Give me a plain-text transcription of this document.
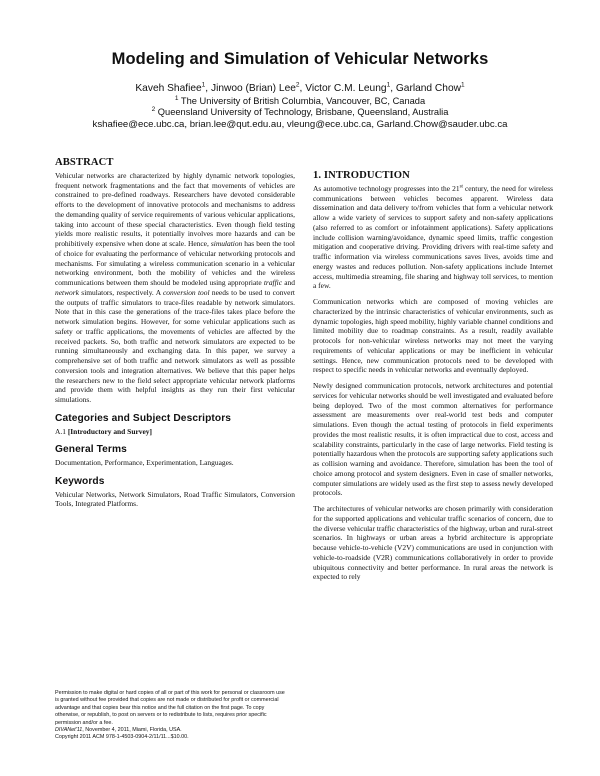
Modeling and Simulation of Vehicular Networks
Kaveh Shafiee$^1$, Jinwoo (Brian) Lee$^2$, Victor C.M. Leung$^1$, Garland Chow$^1$
$^1$ The University of British Columbia, Vancouver, BC, Canada
$^2$ Queensland University of Technology, Brisbane, Queensland, Australia
kshafiee@ece.ubc.ca, brian.lee@qut.edu.au, vleung@ece.ubc.ca, Garland.Chow@sauder.ubc.ca
ABSTRACT

Vehicular networks are characterized by highly dynamic network topologies, frequent network fragmentations and the fact that movements of vehicles are constrained to pre-defined roadways. Researchers have devoted considerable efforts to the development of innovative protocols and mechanisms to address the demanding quality of service requirements of various vehicular applications, taking into account of these special characteristics. Even though field testing yields more realistic results, it potentially involves more hazards and can be prohibitively expensive when done at scale. Hence, simulation has been the tool of choice for evaluating the performance of vehicular networking protocols and mechanisms. For simulating a wireless communication scenario in a vehicular networking environment, both the mobility of vehicles and the wireless communications between them should be modeled using appropriate traffic and network simulators, respectively. A conversion tool needs to be used to convert the outputs of traffic simulators to trace-files readable by network simulators. Note that in this case the generations of the trace-files takes place before the network simulation begins. However, for some vehicular applications such as safety or traffic applications, the movements of vehicles are affected by the received packets. So, both traffic and network simulators are expected to be running simultaneously and exchanging data. In this paper, we survey a comprehensive set of both traffic and network simulators as well as possible conversion tools and integration alternatives. We believe that this paper helps the researchers new to the field select appropriate vehicular network platforms and provide them with helpful insights as they run their first vehicular simulations.

Categories and Subject Descriptors

A.1 [Introductory and Survey]

General Terms

Documentation, Performance, Experimentation, Languages.

Keywords

Vehicular Networks, Network Simulators, Road Traffic Simulators, Conversion Tools, Integrated Platforms.

Permission to make digital or hard copies of all or part of this work for personal or classroom use is granted without fee provided that copies are not made or distributed for profit or commercial advantage and that copies bear this notice and the full citation on the first page. To copy otherwise, or republish, to post on servers or to redistribute to lists, requires prior specific permission and/or a fee.

DIVANet'11, November 4, 2011, Miami, Florida, USA.

Copyright 2011 ACM 978-1-4503-0904-2/11/11...$10.00.

1. INTRODUCTION

As automotive technology progresses into the 21st century, the need for wireless communications between vehicles becomes apparent. Wireless data dissemination and data delivery to/from vehicles that form a vehicular network allow a wide variety of services to support safety and non-safety applications (also referred to as comfort or infotainment applications). Safety applications include collision warning/avoidance, dynamic speed limits, traffic congestion mitigation and cooperative driving. Providing drivers with real-time safety and traffic information via wireless communications saves lives, avoids time and energy wastes and reduces pollution. Non-safety applications include Internet access, multimedia streaming, file sharing and highway toll services, to mention a few.

Communication networks which are composed of moving vehicles are characterized by the intrinsic characteristics of vehicular environments, such as dynamic topologies, high speed mobility, highly variable channel conditions and limited mobility due to roadmap constraints. As a result, readily available protocols for non-vehicular wireless networks may not meet the varying requirements of vehicular applications or may be inefficient in vehicular settings. Hence, new communication protocols need to be developed with respect to specific needs in vehicular networks and eventually deployed.

Newly designed communication protocols, network architectures and potential services for vehicular networks should be well investigated and evaluated before being deployed. Two of the most common alternatives for performance assessment are measurements over real-world test beds and computer simulations. Even though the actual testing of protocols in field experiments provides the most realistic results, it is often impractical due to cost, access and scalability constraints, particularly in the case of large networks. Field testing is potentially hazardous when the protocols are supporting safety applications such as collision warning and avoidance. Therefore, simulation has been the tool of choice among protocol and system designers. Even in case of smaller networks, computer simulations are widely used as the first step to assess newly developed protocols.

The architectures of vehicular networks are chosen primarily with consideration for the supported applications and vehicular traffic scenarios of concern, due to the diverse vehicular traffic characteristics of the highway, urban and rural-street scenarios. In highways or urban areas a hybrid architecture is appropriate because vehicle-to-vehicle (V2V) communications are used in conjunction with vehicle-to-roadside (V2R) communications collaboratively in order to provide ubiquitous connectivity and better performance. In rural areas the network is expected to rely
